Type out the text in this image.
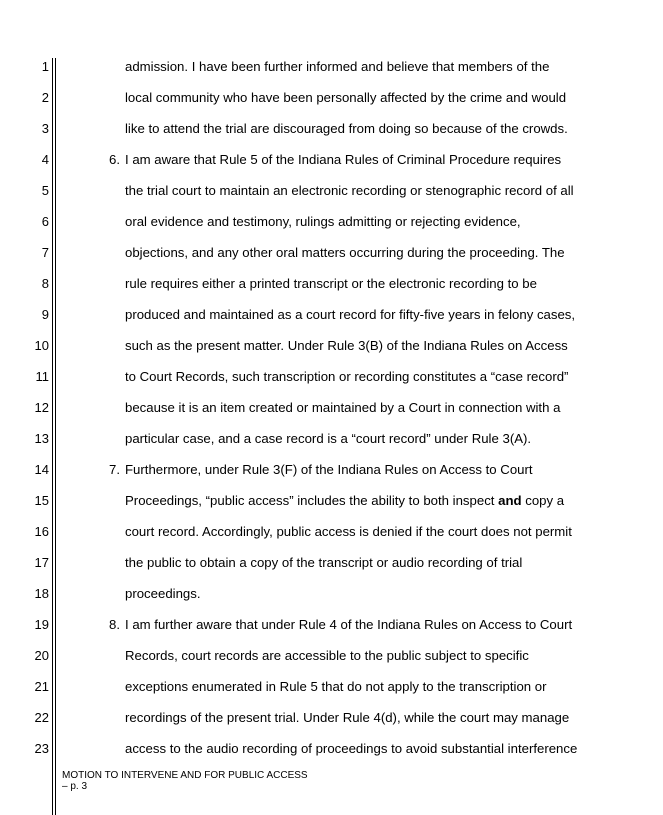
1
2
3
4
5
6
7
8
9
10
11
12
13
14
15
16
17
18
19
20
21
22
23
admission. I have been further informed and believe that members of the
local community who have been personally affected by the crime and would
like to attend the trial are discouraged from doing so because of the crowds.
6. I am aware that Rule 5 of the Indiana Rules of Criminal Procedure requires
the trial court to maintain an electronic recording or stenographic record of all
oral evidence and testimony, rulings admitting or rejecting evidence,
objections, and any other oral matters occurring during the proceeding. The
rule requires either a printed transcript or the electronic recording to be
produced and maintained as a court record for fifty-five years in felony cases,
such as the present matter. Under Rule 3(B) of the Indiana Rules on Access
to Court Records, such transcription or recording constitutes a “case record”
because it is an item created or maintained by a Court in connection with a
particular case, and a case record is a “court record” under Rule 3(A).
7. Furthermore, under Rule 3(F) of the Indiana Rules on Access to Court
Proceedings, “public access” includes the ability to both inspect and copy a
court record. Accordingly, public access is denied if the court does not permit
the public to obtain a copy of the transcript or audio recording of trial
proceedings.
8. I am further aware that under Rule 4 of the Indiana Rules on Access to Court
Records, court records are accessible to the public subject to specific
exceptions enumerated in Rule 5 that do not apply to the transcription or
recordings of the present trial. Under Rule 4(d), while the court may manage
access to the audio recording of proceedings to avoid substantial interference
MOTION TO INTERVENE AND FOR PUBLIC ACCESS
– p. 3
